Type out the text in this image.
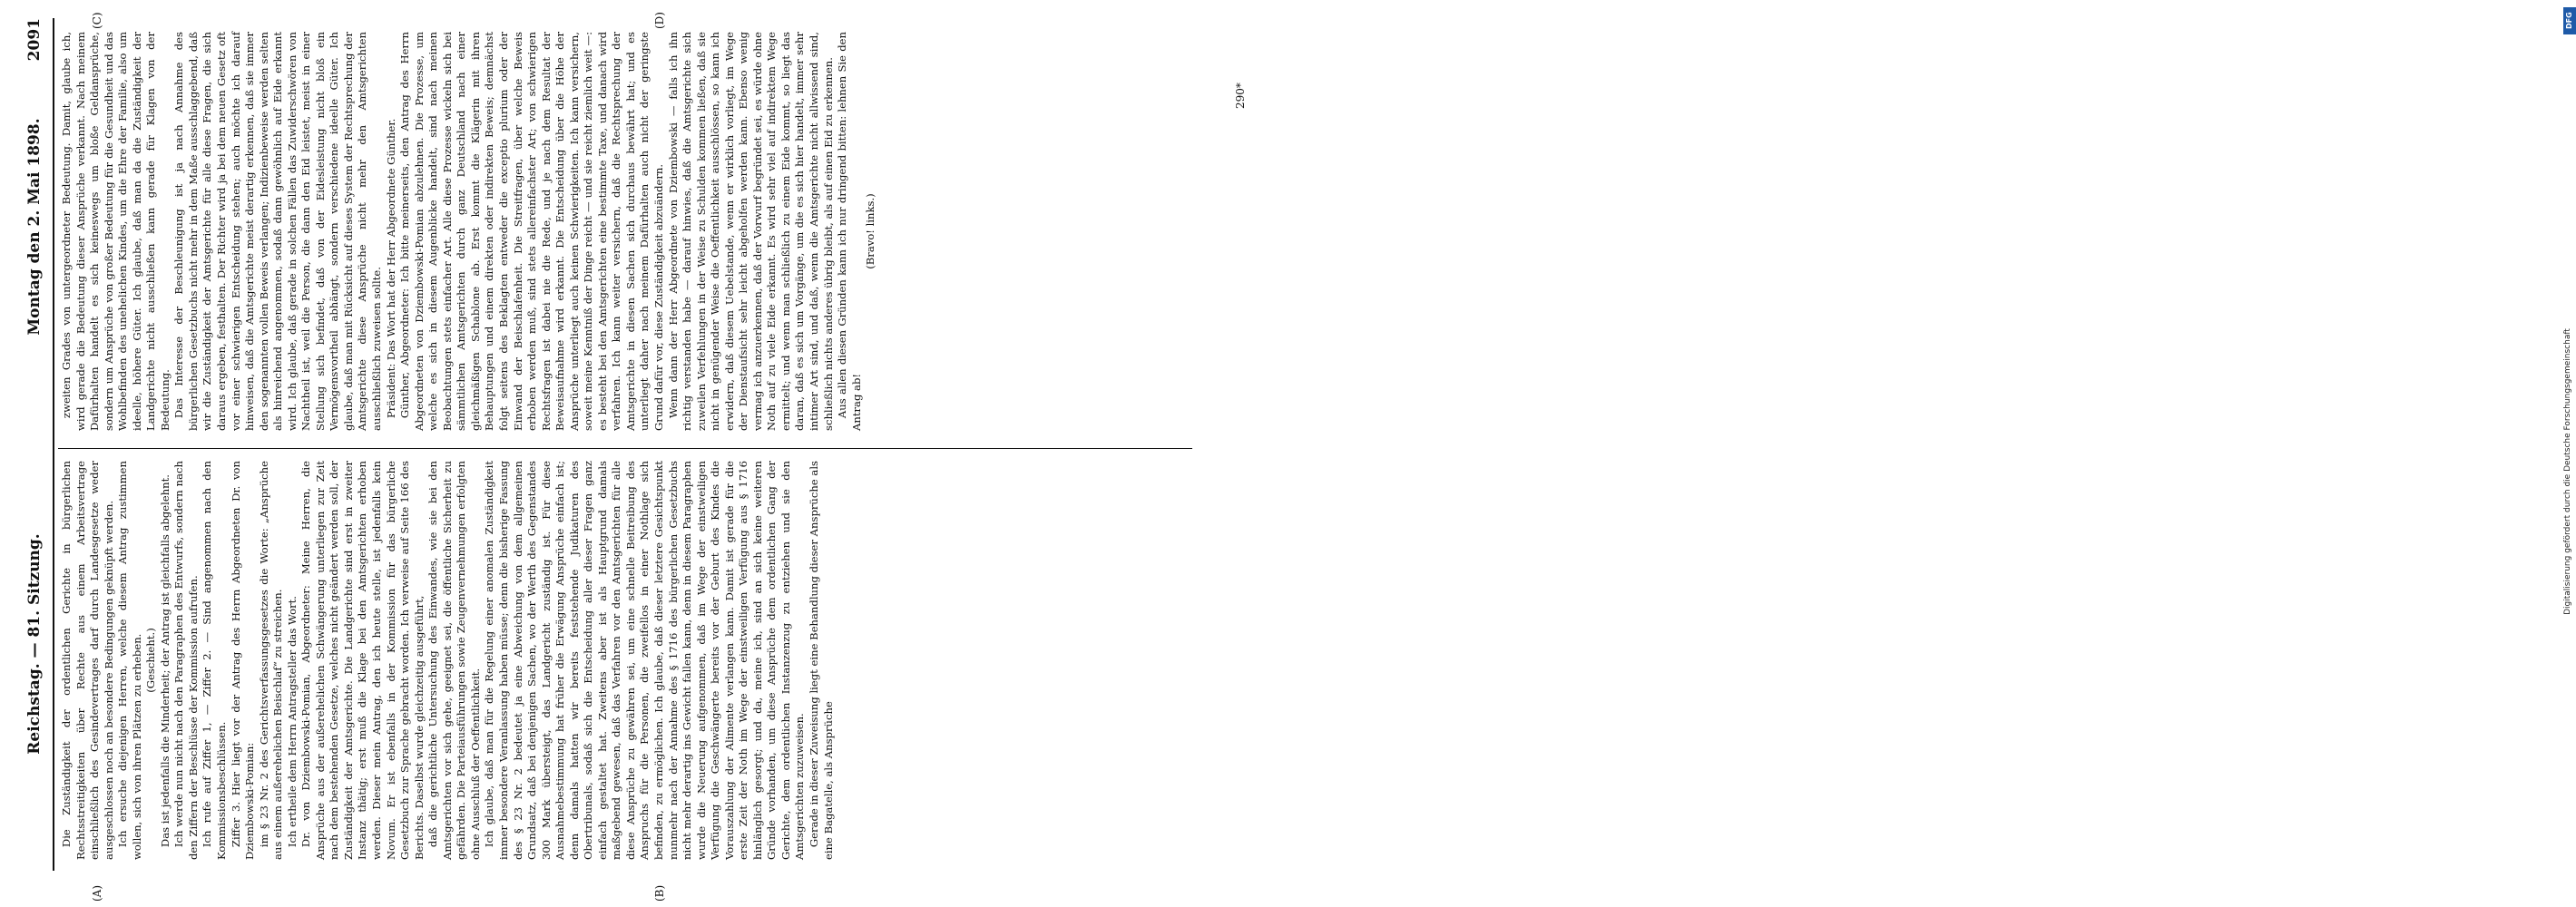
Reichstag. — 81. Sitzung.
Montag den 2. Mai 1898.
2091
(A)	(B)
(C)	(D)

Die Zuständigkeit der ordentlichen Gerichte in bürgerlichen Rechtsstreitigkeiten über Rechte aus einem Arbeitsvertrage einschließlich des Gesindevertrages darf durch Landesgesetze weder ausgeschlossen noch an besondere Bedingungen geknüpft werden. Ich ersuche diejenigen Herren, welche diesem Antrag zustimmen wollen, sich von ihren Plätzen zu erheben. (Geschieht.) Das ist jedenfalls die Minderheit; der Antrag ist gleichfalls abgelehnt. Ich werde nun nicht nach den Paragraphen des Entwurfs, sondern nach den Ziffern der Beschlüsse der Kommission aufrufen. Ich rufe auf Ziffer 1, — Ziffer 2. — Sind angenommen nach den Kommissionsbeschlüssen. Ziffer 3. Hier liegt vor der Antrag des Herrn Abgeordneten Dr. von Dziembowski-Pomian: im § 23 Nr. 2 des Gerichtsverfassungsgesetzes die Worte: „Ansprüche aus einem außerehelichen Beischlaf“ zu streichen. Ich ertheile dem Herrn Antragsteller das Wort. Dr. von Dziembowski-Pomian, Abgeordneter: Meine Herren, die Ansprüche aus der außerehelichen Schwängerung unterliegen zur Zeit nach dem bestehenden Gesetze, welches nicht geändert werden soll, der Zuständigkeit der Amtsgerichte. Die Landgerichte sind erst in zweiter Instanz thätig; erst muß die Klage bei den Amtsgerichten erhoben werden. Dieser mein Antrag, den ich heute stelle, ist jedenfalls kein Novum. Er ist ebenfalls in der Kommission für das bürgerliche Gesetzbuch zur Sprache gebracht worden. Ich verweise auf Seite 166 des Berichts. Daselbst wurde gleichzeitig ausgeführt, daß die gerichtliche Untersuchung des Einwandes, wie sie bei den Amtsgerichten vor sich gehe, geeignet sei, die öffentliche Sicherheit zu gefährden. Die Parteiausführungen sowie Zeugenvernehmungen erfolgten ohne Ausschluß der Oeffentlichkeit. Ich glaube, daß man für die Regelung einer anomalen Zuständigkeit immer besondere Veranlassung haben müsse; denn die bisherige Fassung des § 23 Nr. 2 bedeutet ja eine Abweichung von dem allgemeinen Grundsatz, daß bei denjenigen Sachen, wo der Werth des Gegenstandes 300 Mark übersteigt, das Landgericht zuständig ist. Für diese Ausnahmebestimmung hat früher die Erwägung Ansprüche einfach ist; denn damals hatten wir bereits feststehende Judikaturen des Obertribunals, sodaß sich die Entscheidung aller dieser Fragen ganz einfach gestaltet hat. Zweitens aber ist als Hauptgrund damals maßgebend gewesen, daß das Verfahren vor den Amtsgerichten für alle diese Ansprüche zu gewähren sei, um eine schnelle Beitreibung des Anspruchs für die Personen, die zweifellos in einer Nothlage sich befinden, zu ermöglichen. Ich glaube, daß dieser letztere Gesichtspunkt nunmehr nach der Annahme des § 1716 des bürgerlichen Gesetzbuchs nicht mehr derartig ins Gewicht fallen kann, denn in diesem Paragraphen wurde die Neuerung aufgenommen, daß im Wege der einstweiligen Verfügung die Geschwängerte bereits vor der Geburt des Kindes die Vorauszahlung der Alimente verlangen kann. Damit ist gerade für die erste Zeit der Noth im Wege der einstweiligen Verfügung aus § 1716 hinlänglich gesorgt; und da, meine ich, sind an sich keine weiteren Gründe vorhanden, um diese Ansprüche dem ordentlichen Gang der Gerichte, dem ordentlichen Instanzenzug zu entziehen und sie den Amtsgerichten zuzuweisen. Gerade in dieser Zuweisung liegt eine Behandlung dieser Ansprüche als eine Bagatelle, als Ansprüche

zweiten Grades von untergeordneter Bedeutung. Damit, glaube ich, wird gerade die Bedeutung dieser Ansprüche verkannt. Nach meinem Dafürhalten handelt es sich keineswegs um bloße Geldansprüche, sondern um Ansprüche von großer Bedeutung für die Gesundheit und das Wohlbefinden des unehelichen Kindes, um die Ehre der Familie, also um ideelle, höhere Güter. Ich glaube, daß man da die Zuständigkeit der Landgerichte nicht ausschließen kann gerade für Klagen von der Bedeutung. Das Interesse der Beschleunigung ist ja nach Annahme des bürgerlichen Gesetzbuchs nicht mehr in dem Maße ausschlaggebend, daß wir die Zuständigkeit der Amtsgerichte für alle diese Fragen, die sich daraus ergeben, festhalten. Der Richter wird ja bei dem neuen Gesetz oft vor einer schwierigen Entscheidung stehen; auch möchte ich darauf hinweisen, daß die Amtsgerichte meist derartig erkennen, daß sie immer den sogenannten vollen Beweis verlangen; Indizienbeweise werden selten als hinreichend angenommen, sodaß dann gewöhnlich auf Eide erkannt wird. Ich glaube, daß gerade in solchen Fällen das Zuwiderschwören von Nachtheil ist, weil die Person, die dann den Eid leistet, meist in einer Stellung sich befindet, daß von der Eidesleistung nicht bloß ein Vermögensvortheil abhängt, sondern verschiedene ideelle Güter. Ich glaube, daß man mit Rücksicht auf dieses System der Rechtsprechung der Amtsgerichte diese Ansprüche nicht mehr den Amtsgerichten ausschließlich zuweisen sollte. Präsident: Das Wort hat der Herr Abgeordnete Günther. Günther, Abgeordneter: Ich bitte meinerseits, den Antrag des Herrn Abgeordneten von Dziembowski-Pomian abzulehnen. Die Prozesse, um welche es sich in diesem Augenblicke handelt, sind nach meinen Beobachtungen stets einfacher Art. Alle diese Prozesse wickeln sich bei sämmtlichen Amtsgerichten durch ganz Deutschland nach einer gleichmäßigen Schablone ab. Erst kommt die Klägerin mit ihren Behauptungen und einem direkten oder indirekten Beweis; demnächst folgt seitens des Beklagten entweder die exceptio plurium oder der Einwand der Beischlafenheit. Die Streitfragen, über welche Beweis erhoben werden muß, sind stets allereinfachster Art; von schwierigen Rechtsfragen ist dabei nie die Rede, und je nach dem Resultat der Beweisaufnahme wird erkannt. Die Entscheidung über die Höhe der Ansprüche unterliegt auch keinen Schwierigkeiten. Ich kann versichern, soweit meine Kenntniß der Dinge reicht — und sie reicht ziemlich weit —: es besteht bei den Amtsgerichten eine bestimmte Taxe, und danach wird verfahren. Ich kann weiter versichern, daß die Rechtsprechung der Amtsgerichte in diesen Sachen sich durchaus bewährt hat; und es unterliegt daher nach meinem Dafürhalten auch nicht der geringste Grund dafür vor, diese Zuständigkeit abzuändern. Wenn dann der Herr Abgeordnete von Dziembowski — falls ich ihn richtig verstanden habe — darauf hinwies, daß die Amtsgerichte sich zuweilen Verfehlungen in der Weise zu Schulden kommen ließen, daß sie nicht in genügender Weise die Oeffentlichkeit ausschlössen, so kann ich erwidern, daß diesem Uebelstande, wenn er wirklich vorliegt, im Wege der Dienstaufsicht sehr leicht abgeholfen werden kann. Ebenso wenig vermag ich anzuerkennen, daß der Vorwurf begründet sei, es würde ohne Noth auf zu viele Eide erkannt. Es wird sehr viel auf indirektem Wege ermittelt; und wenn man schließlich zu einem Eide kommt, so liegt das daran, daß es sich um Vorgänge, um die es sich hier handelt, immer sehr intimer Art sind, und daß, wenn die Amtsgerichte nicht allwissend sind, schließlich nichts anderes übrig bleibt, als auf einen Eid zu erkennen. Aus allen diesen Gründen kann ich nur dringend bitten: lehnen Sie den Antrag ab!

(Bravo! links.)

290*
DFG
Digitalisierung gefördert durch die Deutsche Forschungsgemeinschaft
